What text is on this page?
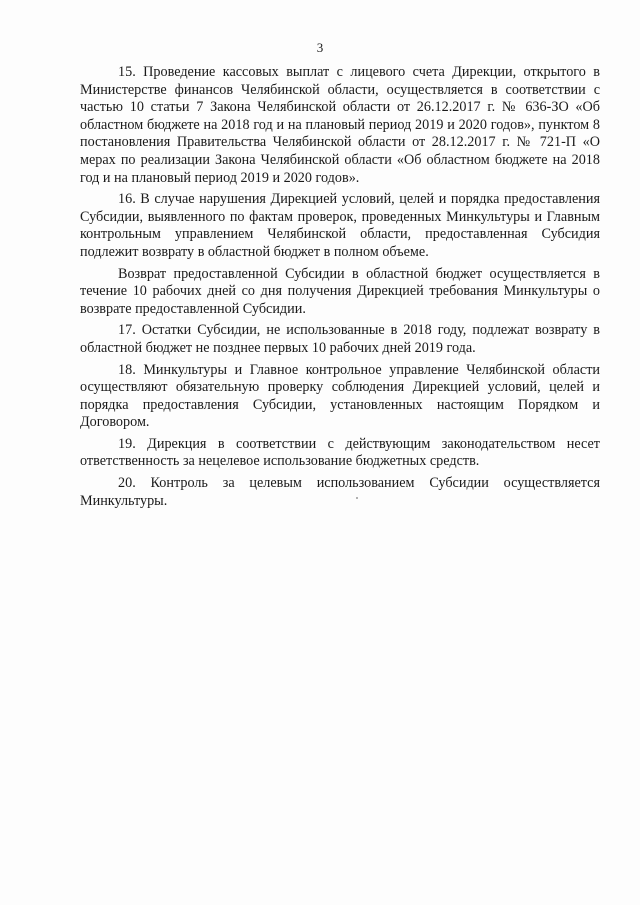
3

15. Проведение кассовых выплат с лицевого счета Дирекции, открытого в Министерстве финансов Челябинской области, осуществляется в соответствии с частью 10 статьи 7 Закона Челябинской области от 26.12.2017 г. № 636-ЗО «Об областном бюджете на 2018 год и на плановый период 2019 и 2020 годов», пунктом 8 постановления Правительства Челябинской области от 28.12.2017 г. № 721-П «О мерах по реализации Закона Челябинской области «Об областном бюджете на 2018 год и на плановый период 2019 и 2020 годов».

16. В случае нарушения Дирекцией условий, целей и порядка предоставления Субсидии, выявленного по фактам проверок, проведенных Минкультуры и Главным контрольным управлением Челябинской области, предоставленная Субсидия подлежит возврату в областной бюджет в полном объеме.

Возврат предоставленной Субсидии в областной бюджет осуществляется в течение 10 рабочих дней со дня получения Дирекцией требования Минкультуры о возврате предоставленной Субсидии.

17. Остатки Субсидии, не использованные в 2018 году, подлежат возврату в областной бюджет не позднее первых 10 рабочих дней 2019 года.

18. Минкультуры и Главное контрольное управление Челябинской области осуществляют обязательную проверку соблюдения Дирекцией условий, целей и порядка предоставления Субсидии, установленных настоящим Порядком и Договором.

19. Дирекция в соответствии с действующим законодательством несет ответственность за нецелевое использование бюджетных средств.

20. Контроль за целевым использованием Субсидии осуществляется Минкультуры.
